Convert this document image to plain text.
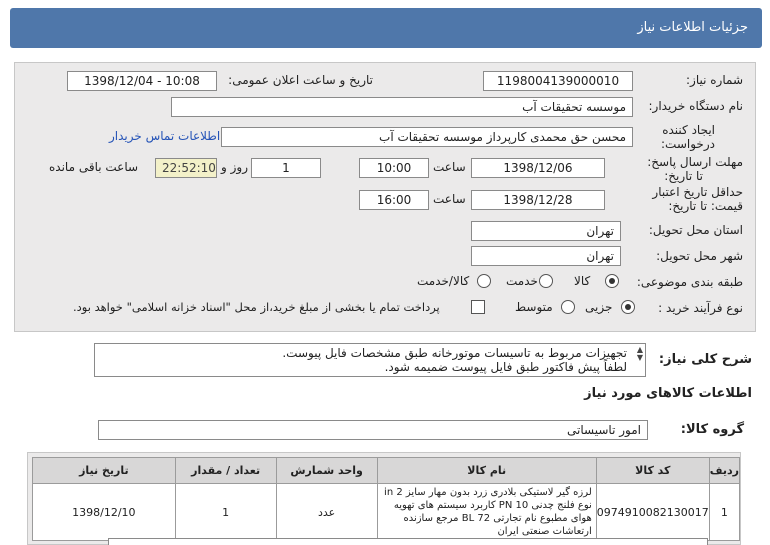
جزئیات اطلاعات نیاز
شماره نیاز:
1198004139000010
تاریخ و ساعت اعلان عمومی:
1398/12/04 - 10:08
نام دستگاه خریدار:
موسسه تحقیقات آب
ایجاد کننده
درخواست:
محسن حق محمدی کارپرداز موسسه تحقیقات آب
اطلاعات تماس خریدار
مهلت ارسال پاسخ:
تا تاریخ:
1398/12/06
ساعت
10:00
1
روز و
22:52:10
ساعت باقی مانده
حداقل تاریخ اعتبار
قیمت: تا تاریخ:
1398/12/28
ساعت
16:00
استان محل تحویل:
تهران
شهر محل تحویل:
تهران
طبقه بندی موضوعی:
کالا
خدمت
کالا/خدمت
نوع فرآیند خرید :
جزیی
متوسط
پرداخت تمام یا بخشی از مبلغ خرید،از محل "اسناد خزانه اسلامی" خواهد بود.
شرح کلی نیاز:
▲
▼
تجهیزات مربوط به تاسیسات موتورخانه طبق مشخصات فایل پیوست.
لطفاً پیش فاکتور طبق فایل پیوست ضمیمه شود.
اطلاعات کالاهای مورد نیاز
گروه کالا:
امور تاسیساتی
ردیف	کد کالا	نام کالا	واحد شمارش	تعداد / مقدار	تاریخ نیاز
1	0974910082130017	لرزه گیر لاستیکی بلادری زرد بدون مهار سایز in 2 نوع فلنج چدنی PN 10 کاربرد سیستم های تهویه هوای مطبوع نام تجارتی BL 72 مرجع سازنده ارتعاشات صنعتی ایران	عدد	1	1398/12/10
